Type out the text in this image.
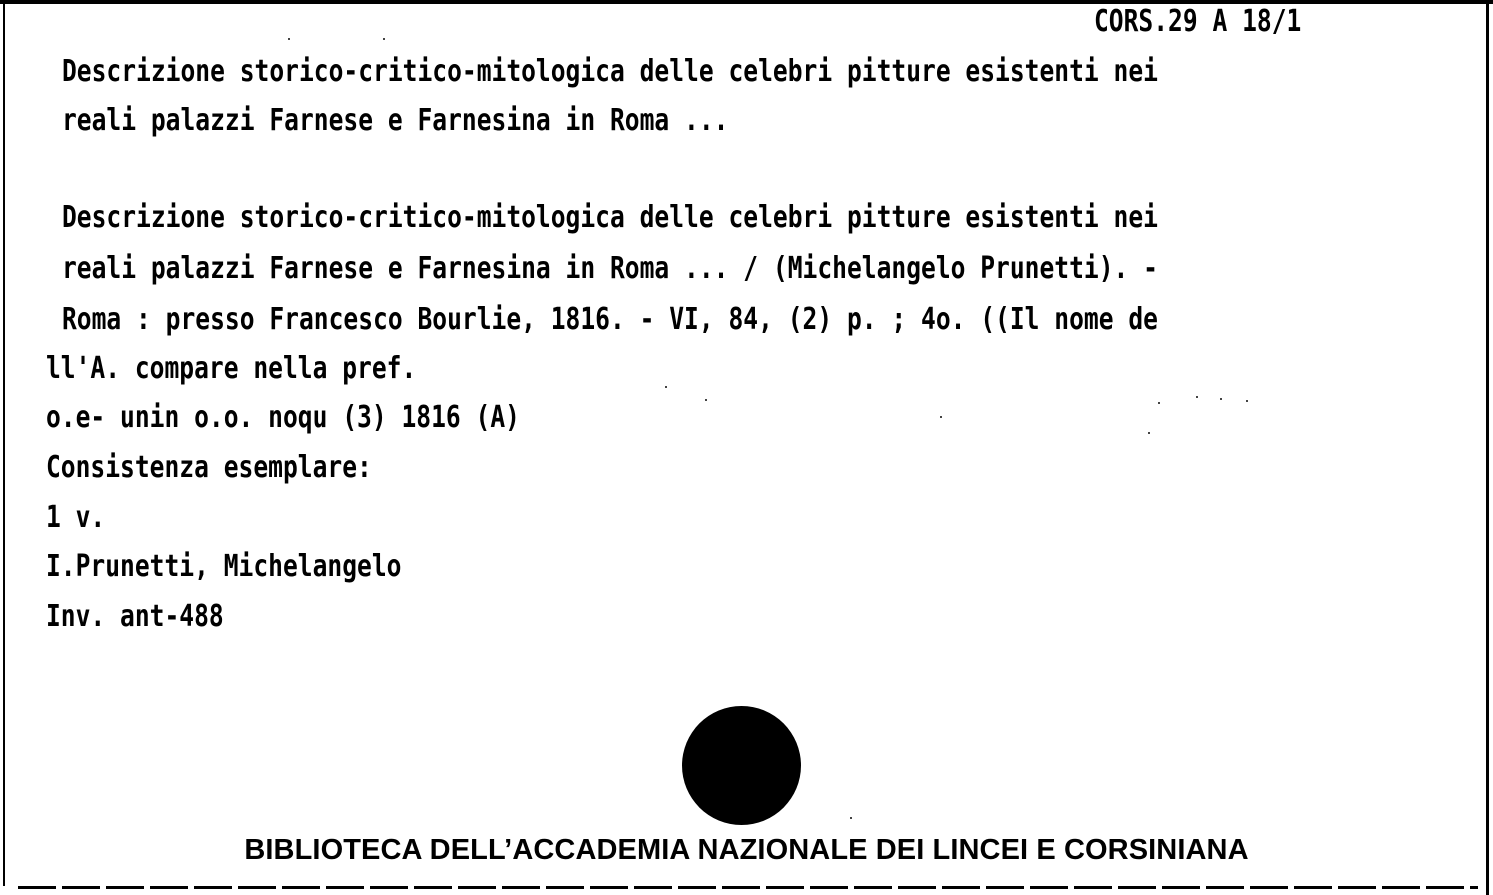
CORS.29 A 18/1
Descrizione storico-critico-mitologica delle celebri pitture esistenti nei
reali palazzi Farnese e Farnesina in Roma ...
Descrizione storico-critico-mitologica delle celebri pitture esistenti nei
reali palazzi Farnese e Farnesina in Roma ... / (Michelangelo Prunetti). -
Roma : presso Francesco Bourlie, 1816. - VI, 84, (2) p. ; 4o. ((Il nome de
ll'A. compare nella pref.
o.e- unin o.o. noqu (3) 1816 (A)
Consistenza esemplare:
1 v.
I.Prunetti, Michelangelo
Inv. ant-488
BIBLIOTECA DELL’ACCADEMIA NAZIONALE DEI LINCEI E CORSINIANA
